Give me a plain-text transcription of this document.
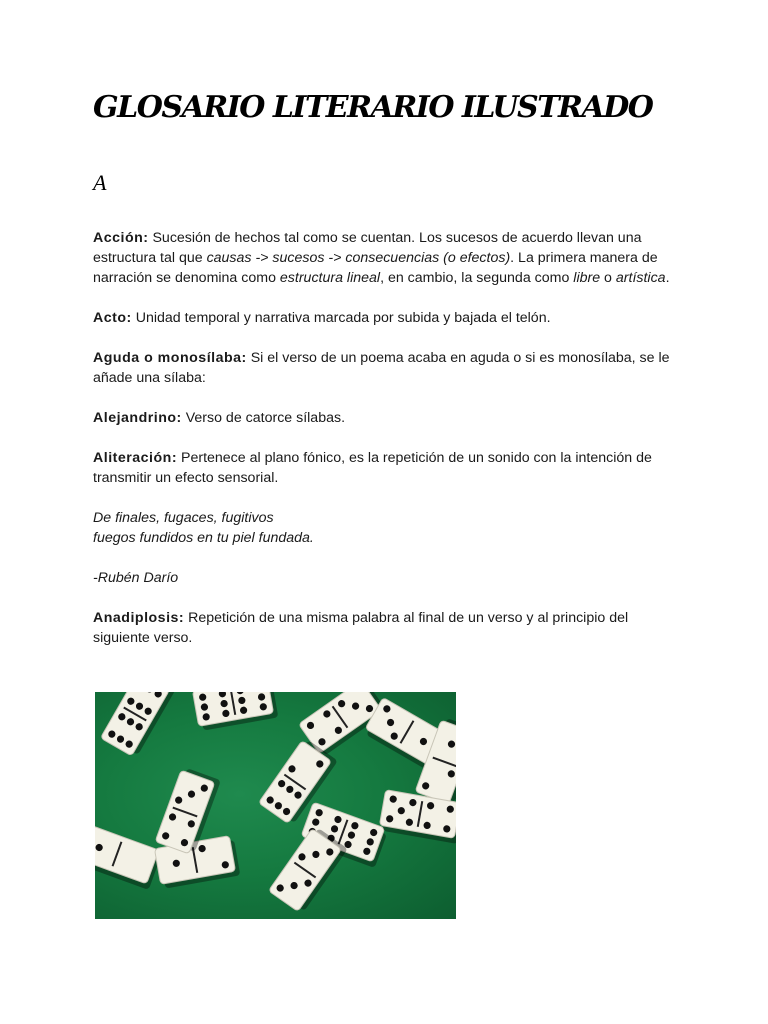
GLOSARIO LITERARIO ILUSTRADO
A

Acción: Sucesión de hechos tal como se cuentan. Los sucesos de acuerdo llevan una estructura tal que causas -> sucesos -> consecuencias (o efectos). La primera manera de narración se denomina como estructura lineal, en cambio, la segunda como libre o artística.

Acto: Unidad temporal y narrativa marcada por subida y bajada el telón.

Aguda o monosílaba: Si el verso de un poema acaba en aguda o si es monosílaba, se le añade una sílaba:

Alejandrino: Verso de catorce sílabas.

Aliteración: Pertenece al plano fónico, es la repetición de un sonido con la intención de transmitir un efecto sensorial.

De finales, fugaces, fugitivos
fuegos fundidos en tu piel fundada.

-Rubén Darío

Anadiplosis: Repetición de una misma palabra al final de un verso y al principio del siguiente verso.
